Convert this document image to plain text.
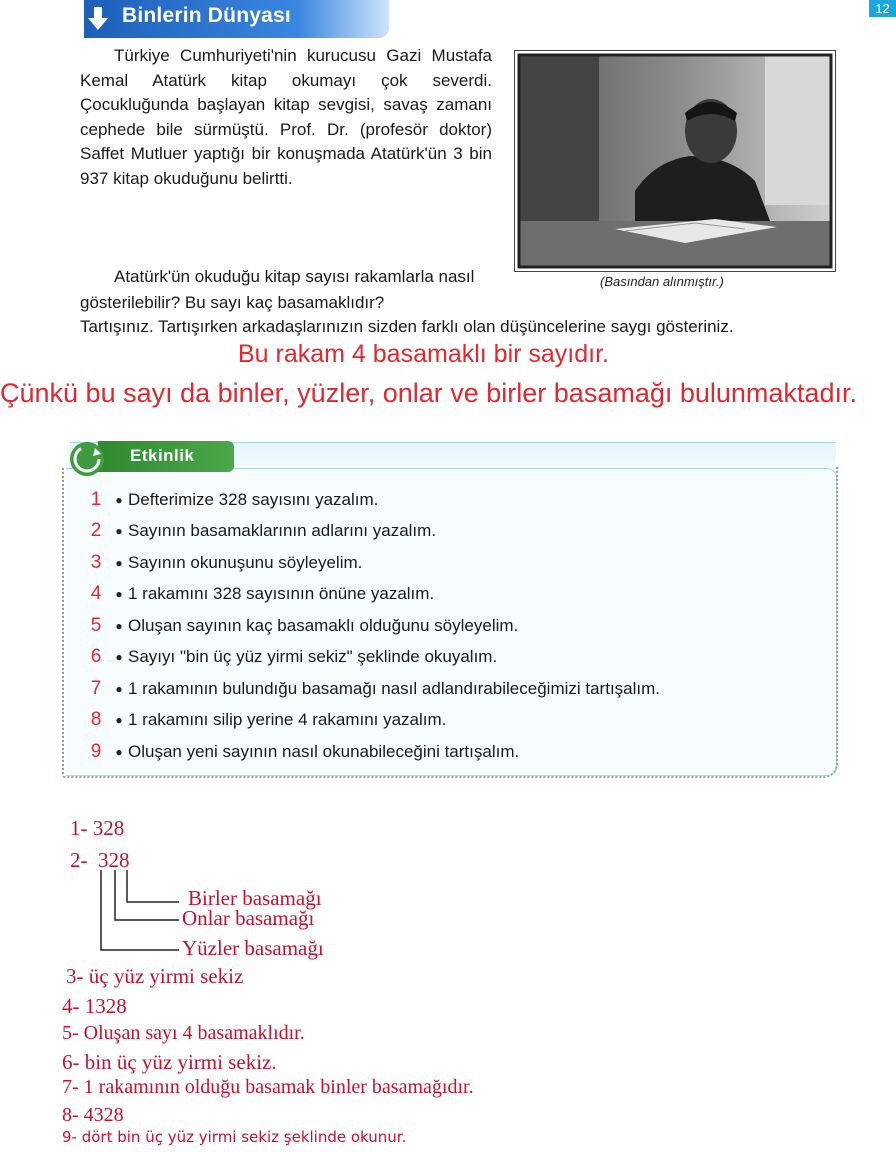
Binlerin Dünyası	12

Türkiye Cumhuriyeti'nin kurucusu Gazi Mustafa Kemal Atatürk kitap okumayı çok severdi. Çocukluğunda başlayan kitap sevgisi, savaş zamanı cephede bile sürmüştü. Prof. Dr. (profesör doktor) Saffet Mutluer yaptığı bir konuşmada Atatürk'ün 3 bin 937 kitap okuduğunu belirtti.

Atatürk'ün okuduğu kitap sayısı rakamlarla nasıl gösterilebilir? Bu sayı kaç basamaklıdır?

Tartışınız. Tartışırken arkadaşlarınızın sizden farklı olan düşüncelerine saygı gösteriniz.
(Basından alınmıştır.)
Bu rakam 4 basamaklı bir sayıdır.
Çünkü bu sayı da binler, yüzler, onlar ve birler basamağı bulunmaktadır.
Etkinlik
1	● Defterimize 328 sayısını yazalım.
2	● Sayının basamaklarının adlarını yazalım.
3	● Sayının okunuşunu söyleyelim.
4	● 1 rakamını 328 sayısının önüne yazalım.
5	● Oluşan sayının kaç basamaklı olduğunu söyleyelim.
6	● Sayıyı "bin üç yüz yirmi sekiz" şeklinde okuyalım.
7	● 1 rakamının bulundığu basamağı nasıl adlandırabileceğimizi tartışalım.
8	● 1 rakamını silip yerine 4 rakamını yazalım.
9	● Oluşan yeni sayının nasıl okunabileceğini tartışalım.
1- 328
2- 328
Birler basamağı
Onlar basamağı
Yüzler basamağı
3- üç yüz yirmi sekiz
4- 1328
5- Oluşan sayı 4 basamaklıdır.
6- bin üç yüz yirmi sekiz.
7- 1 rakamının olduğu basamak binler basamağıdır.
8- 4328
9- dört bin üç yüz yirmi sekiz şeklinde okunur.
